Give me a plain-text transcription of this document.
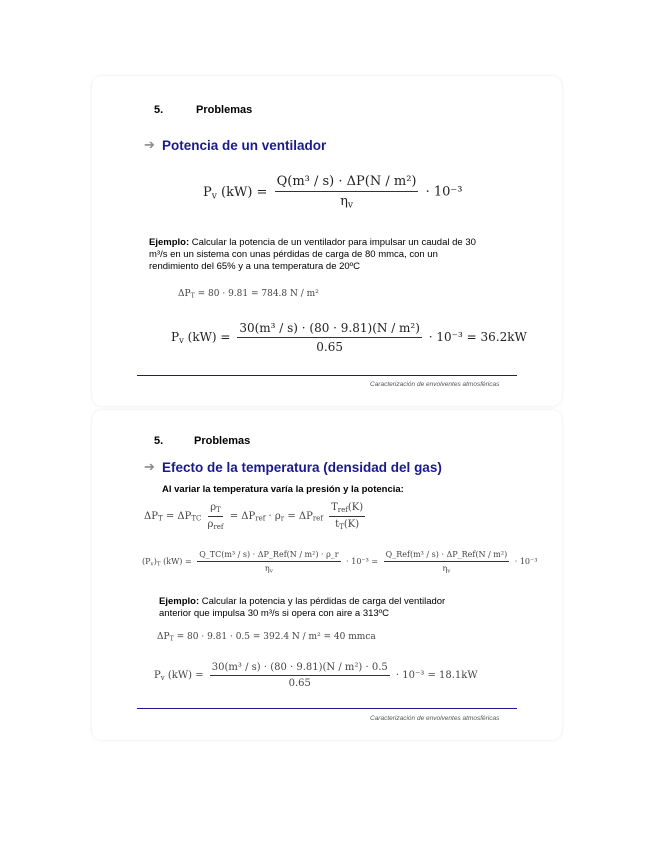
5.	Problemas
➔ Potencia de un ventilador
$P_v$ $(kW) = \frac{\text{Q(m³ / s) · ΔP(N / m²)}}{\eta_v} \cdot 10^{-3}$
Ejemplo: Calcular la potencia de un ventilador para impulsar un caudal de 30 m³/s en un sistema con unas pérdidas de carga de 80 mmca, con un rendimiento del 65% y a una temperatura de 20ºC
$\Delta P_T = 80 \cdot 9.81 = 784.8$ N / m²
$P_v$ $(kW) = \frac{\text{30(m³ / s) · (80 · 9.81)(N / m²)}}{0.65} \cdot 10^{-3} = 36.2kW$
Caracterización de envolventes atmosféricas
5.	Problemas
➔ Efecto de la temperatura (densidad del gas)
Al variar la temperatura varía la presión y la potencia:
$\Delta P_T = \Delta P_{TC} \frac{\rho_T}{\rho_{ref}} = \Delta P_{ref} \cdot \rho_r = \Delta P_{ref} \frac{T_{ref}(K)}{t_T(K)}$
$(P_v)_T$ $(kW) = \frac{\text{Q\_TC(m³ / s) · ΔP\_Ref(N / m²) · ρ\_r}}{\eta_v} \cdot 10^{-3} = \frac{\text{Q\_Ref(m³ / s) · ΔP\_Ref(N / m²)}}{\eta_v} \cdot 10^{-3}$
Ejemplo: Calcular la potencia y las pérdidas de carga del ventilador anterior que impulsa 30 m³/s si opera con aire a 313ºC
$\Delta P_T = 80 \cdot 9.81 \cdot 0.5 = 392.4$ N / m² = 40 mmca
$P_v$ $(kW) = \frac{\text{30(m³ / s) · (80 · 9.81)(N / m²) · 0.5}}{0.65} \cdot 10^{-3} = 18.1kW$
Caracterización de envolventes atmosféricas
